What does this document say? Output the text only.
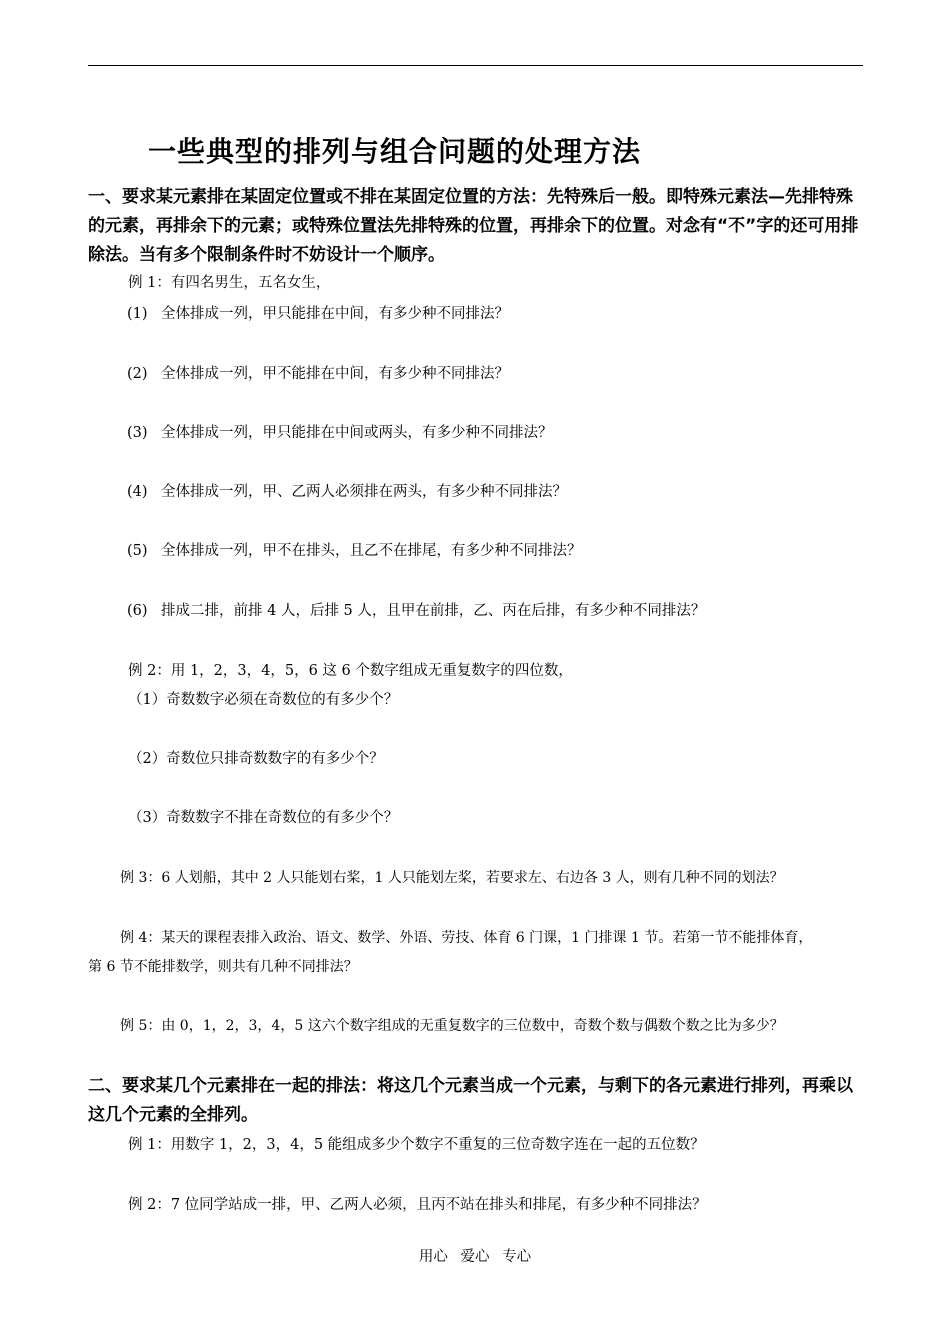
一些典型的排列与组合问题的处理方法
一、要求某元素排在某固定位置或不排在某固定位置的方法：先特殊后一般。即特殊元素法—先排特殊的元素，再排余下的元素；或特殊位置法先排特殊的位置，再排余下的位置。对念有“不”字的还可用排除法。当有多个限制条件时不妨设计一个顺序。
例 1：有四名男生，五名女生，
(1) 全体排成一列，甲只能排在中间，有多少种不同排法？
(2) 全体排成一列，甲不能排在中间，有多少种不同排法？
(3) 全体排成一列，甲只能排在中间或两头，有多少种不同排法？
(4) 全体排成一列，甲、乙两人必须排在两头，有多少种不同排法？
(5) 全体排成一列，甲不在排头，且乙不在排尾，有多少种不同排法？
(6) 排成二排，前排 4 人，后排 5 人，且甲在前排，乙、丙在后排，有多少种不同排法？
例 2：用 1，2，3，4，5，6 这 6 个数字组成无重复数字的四位数，
（1）奇数数字必须在奇数位的有多少个？
（2）奇数位只排奇数数字的有多少个？
（3）奇数数字不排在奇数位的有多少个？
例 3：6 人划船，其中 2 人只能划右桨，1 人只能划左桨，若要求左、右边各 3 人，则有几种不同的划法？
例 4：某天的课程表排入政治、语文、数学、外语、劳技、体育 6 门课，1 门排课 1 节。若第一节不能排体育，
第 6 节不能排数学，则共有几种不同排法？
例 5：由 0，1，2，3，4，5 这六个数字组成的无重复数字的三位数中，奇数个数与偶数个数之比为多少？
二、要求某几个元素排在一起的排法：将这几个元素当成一个元素，与剩下的各元素进行排列，再乘以这几个元素的全排列。
例 1：用数字 1，2，3，4，5 能组成多少个数字不重复的三位奇数字连在一起的五位数？
例 2：7 位同学站成一排，甲、乙两人必须，且丙不站在排头和排尾，有多少种不同排法？
用心 爱心 专心
